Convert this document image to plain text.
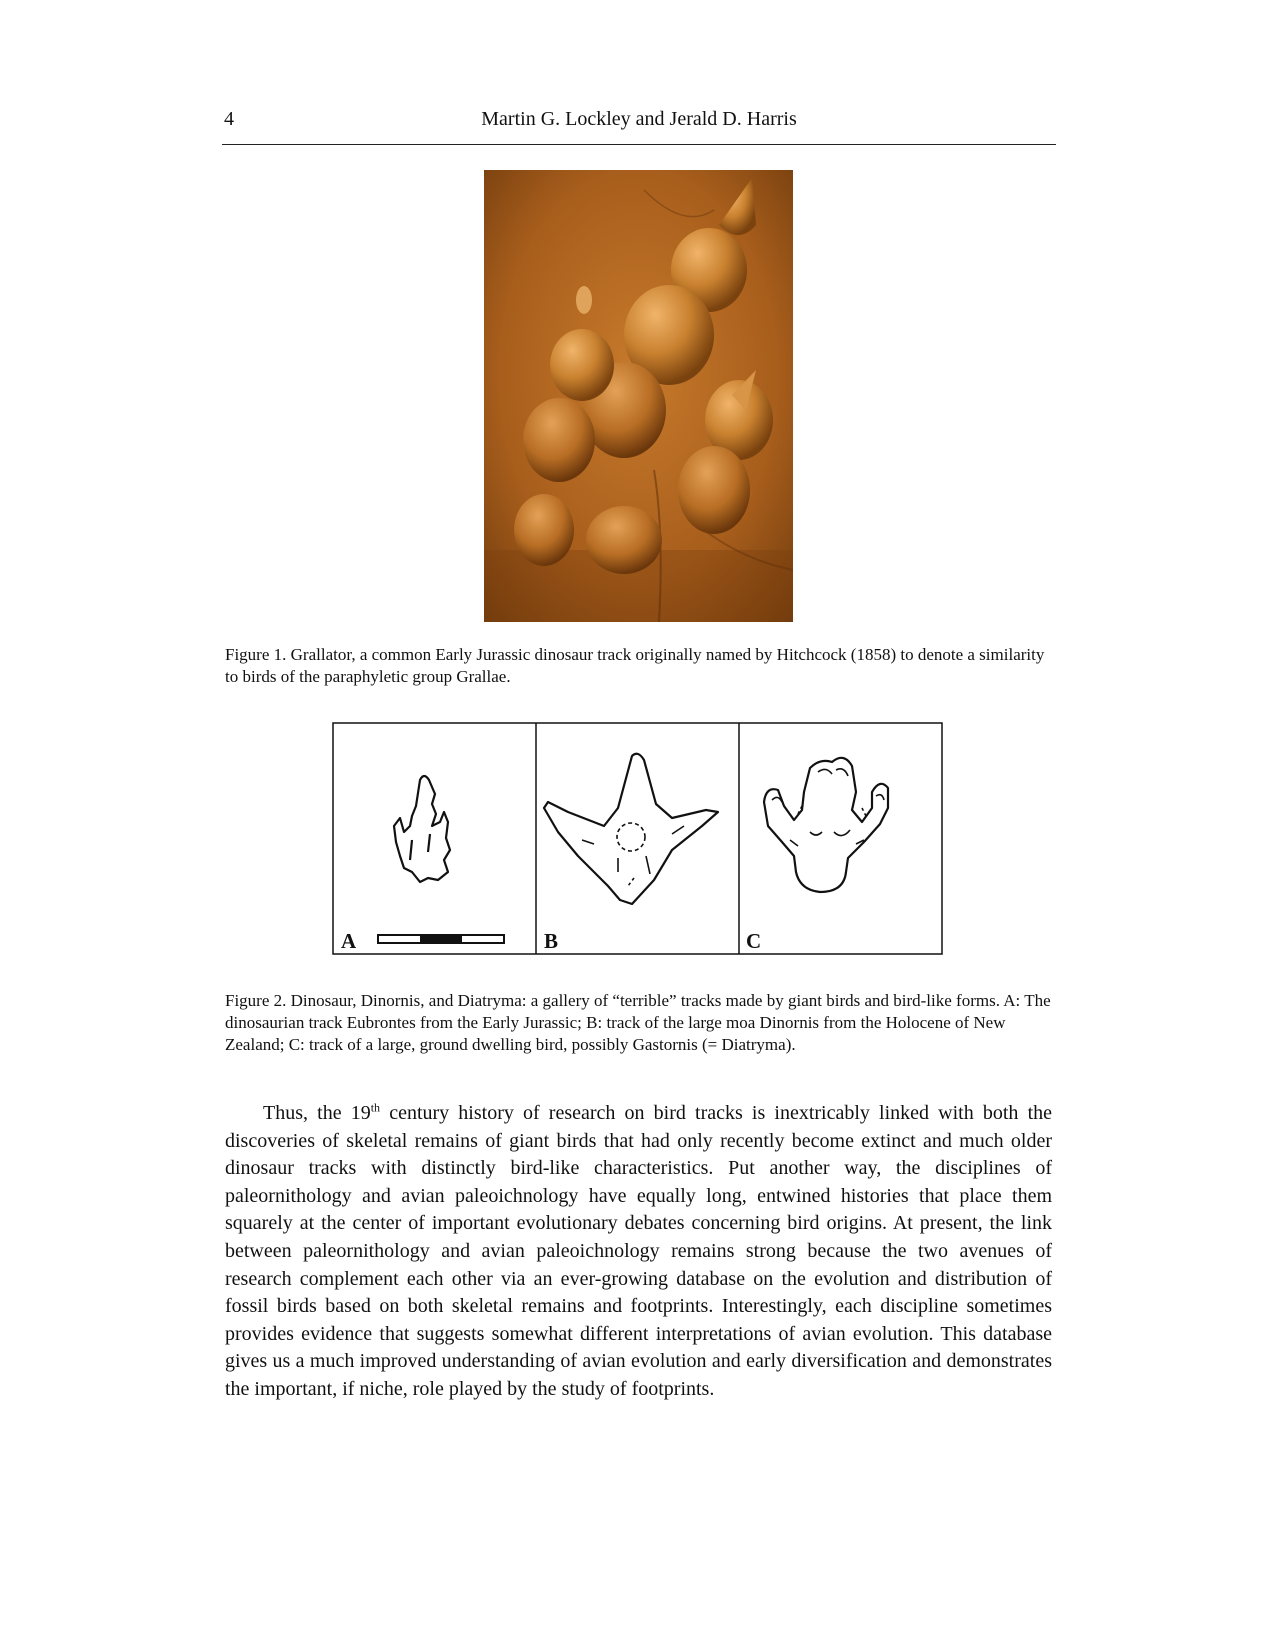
4	Martin G. Lockley and Jerald D. Harris
Figure 1. Grallator, a common Early Jurassic dinosaur track originally named by Hitchcock (1858) to denote a similarity to birds of the paraphyletic group Grallae.
A	B	C
Figure 2. Dinosaur, Dinornis, and Diatryma: a gallery of “terrible” tracks made by giant birds and bird-like forms. A: The dinosaurian track Eubrontes from the Early Jurassic; B: track of the large moa Dinornis from the Holocene of New Zealand; C: track of a large, ground dwelling bird, possibly Gastornis (= Diatryma).

Thus, the 19th century history of research on bird tracks is inextricably linked with both the discoveries of skeletal remains of giant birds that had only recently become extinct and much older dinosaur tracks with distinctly bird-like characteristics. Put another way, the disciplines of paleornithology and avian paleoichnology have equally long, entwined histories that place them squarely at the center of important evolutionary debates concerning bird origins. At present, the link between paleornithology and avian paleoichnology remains strong because the two avenues of research complement each other via an ever-growing database on the evolution and distribution of fossil birds based on both skeletal remains and footprints. Interestingly, each discipline sometimes provides evidence that suggests somewhat different interpretations of avian evolution. This database gives us a much improved understanding of avian evolution and early diversification and demonstrates the important, if niche, role played by the study of footprints.
